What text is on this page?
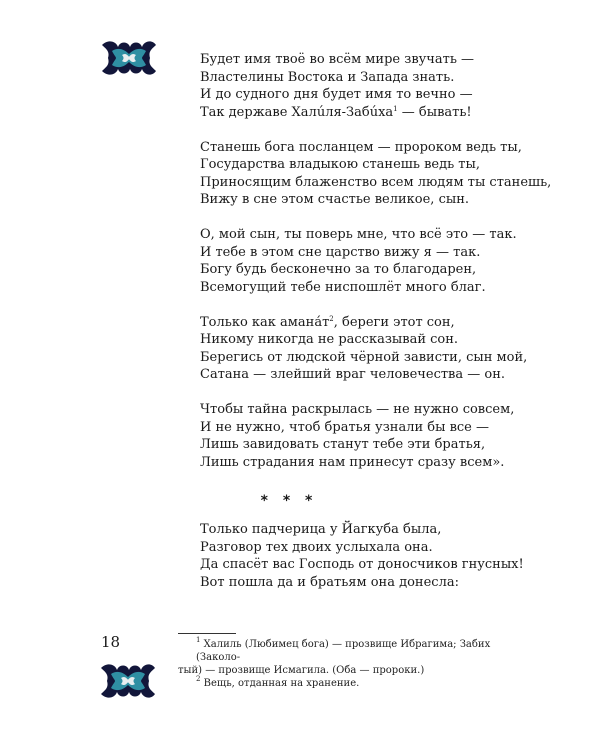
Будет имя твоё во всём мире звучать —
Властелины Востока и Запада знать.
И до судного дня будет имя то вечно —
Так державе Халúля-Забúха$^1$ — бывать!
Станешь бога посланцем — пророком ведь ты,
Государства владыкою станешь ведь ты,
Приносящим блаженство всем людям ты станешь,
Вижу в сне этом счастье великое, сын.
О, мой сын, ты поверь мне, что всё это — так.
И тебе в этом сне царство вижу я — так.
Богу будь бесконечно за то благодарен,
Всемогущий тебе ниспошлёт много благ.
Только как $амана́т^2$, береги этот сон,
Никому никогда не рассказывай сон.
Берегись от людской чёрной зависти, сын мой,
Сатана — злейший враг человечества — он.
Чтобы тайна раскрылась — не нужно совсем,
И не нужно, чтоб братья узнали бы все —
Лишь завидовать станут тебе эти братья,
Лишь страдания нам принесут сразу всем».
* * *
Только падчерица у Йагкуба была,
Разговор тех двоих услыхала она.
Да спасёт вас Господь от доносчиков гнусных!
Вот пошла да и братьям она донесла:
18	$^1$ Халиль (Любимец бога) — прозвище Ибрагима; Забих (Заколо-
тый) — прозвище Исмагила. (Оба — пророки.)

$^2$ Вещь, отданная на хранение.
